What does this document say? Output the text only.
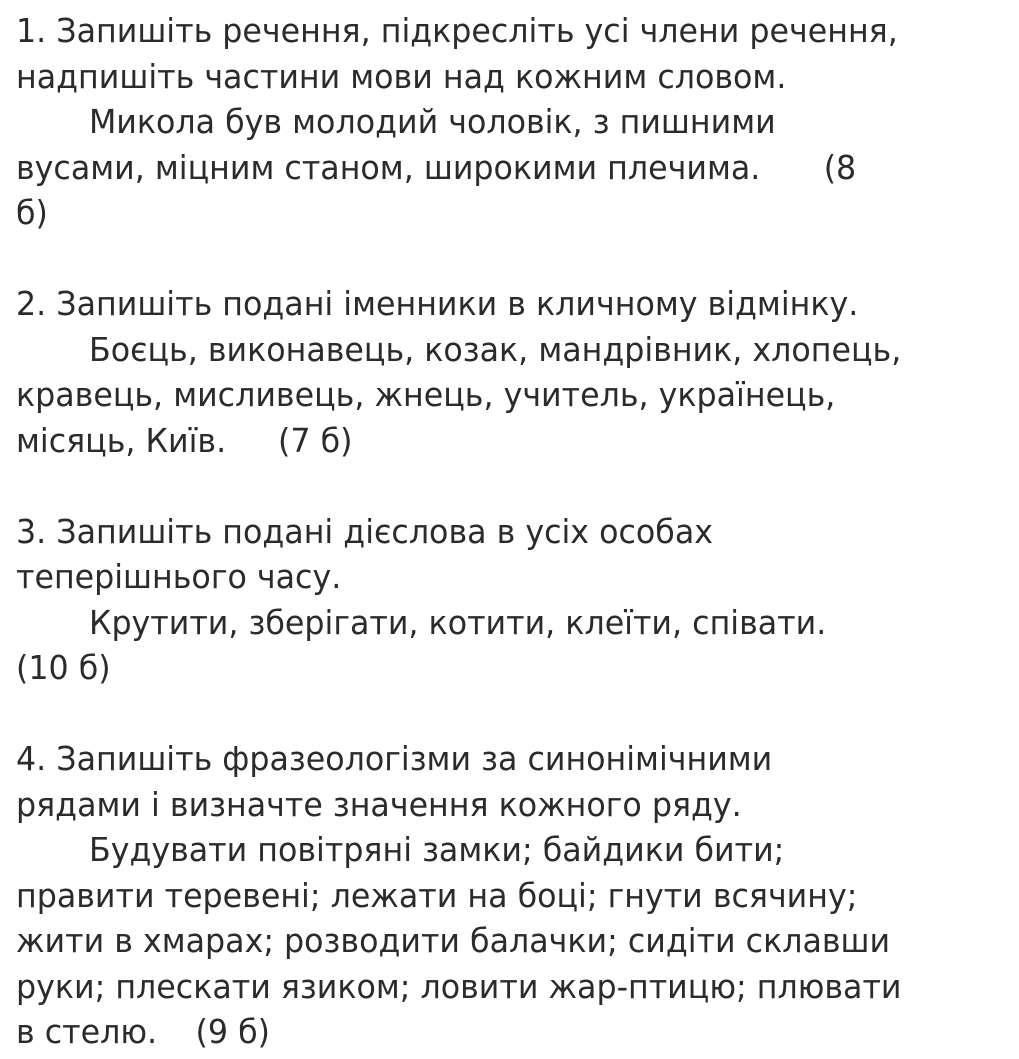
1. Запишіть речення, підкресліть усі члени речення,
надпишіть частини мови над кожним словом.
Микола був молодий чоловік, з пишними
вусами, міцним станом, широкими плечима. (8
б)
2. Запишіть подані іменники в кличному відмінку.
Боєць, виконавець, козак, мандрівник, хлопець,
кравець, мисливець, жнець, учитель, українець,
місяць, Київ. (7 б)
3. Запишіть подані дієслова в усіх особах
теперішнього часу.
Крутити, зберігати, котити, клеїти, співати.
(10 б)
4. Запишіть фразеологізми за синонімічними
рядами і визначте значення кожного ряду.
Будувати повітряні замки; байдики бити;
правити теревені; лежати на боці; гнути всячину;
жити в хмарах; розводити балачки; сидіти склавши
руки; плескати язиком; ловити жар-птицю; плювати
в стелю. (9 б)
